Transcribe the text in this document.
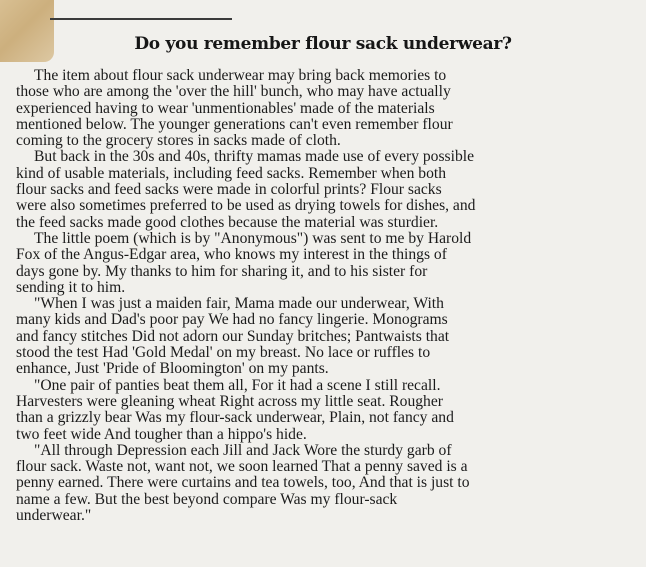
Do you remember flour sack underwear?
The item about flour sack underwear may bring back memories to
those who are among the 'over the hill' bunch, who may have actually
experienced having to wear 'unmentionables' made of the materials
mentioned below. The younger generations can't even remember flour
coming to the grocery stores in sacks made of cloth.
But back in the 30s and 40s, thrifty mamas made use of every possible
kind of usable materials, including feed sacks. Remember when both
flour sacks and feed sacks were made in colorful prints? Flour sacks
were also sometimes preferred to be used as drying towels for dishes, and
the feed sacks made good clothes because the material was sturdier.
The little poem (which is by "Anonymous") was sent to me by Harold
Fox of the Angus-Edgar area, who knows my interest in the things of
days gone by. My thanks to him for sharing it, and to his sister for
sending it to him.
"When I was just a maiden fair, Mama made our underwear, With
many kids and Dad's poor pay We had no fancy lingerie. Monograms
and fancy stitches Did not adorn our Sunday britches; Pantwaists that
stood the test Had 'Gold Medal' on my breast. No lace or ruffles to
enhance, Just 'Pride of Bloomington' on my pants.
"One pair of panties beat them all, For it had a scene I still recall.
Harvesters were gleaning wheat Right across my little seat. Rougher
than a grizzly bear Was my flour-sack underwear, Plain, not fancy and
two feet wide And tougher than a hippo's hide.
"All through Depression each Jill and Jack Wore the sturdy garb of
flour sack. Waste not, want not, we soon learned That a penny saved is a
penny earned. There were curtains and tea towels, too, And that is just to
name a few. But the best beyond compare Was my flour-sack
underwear."
